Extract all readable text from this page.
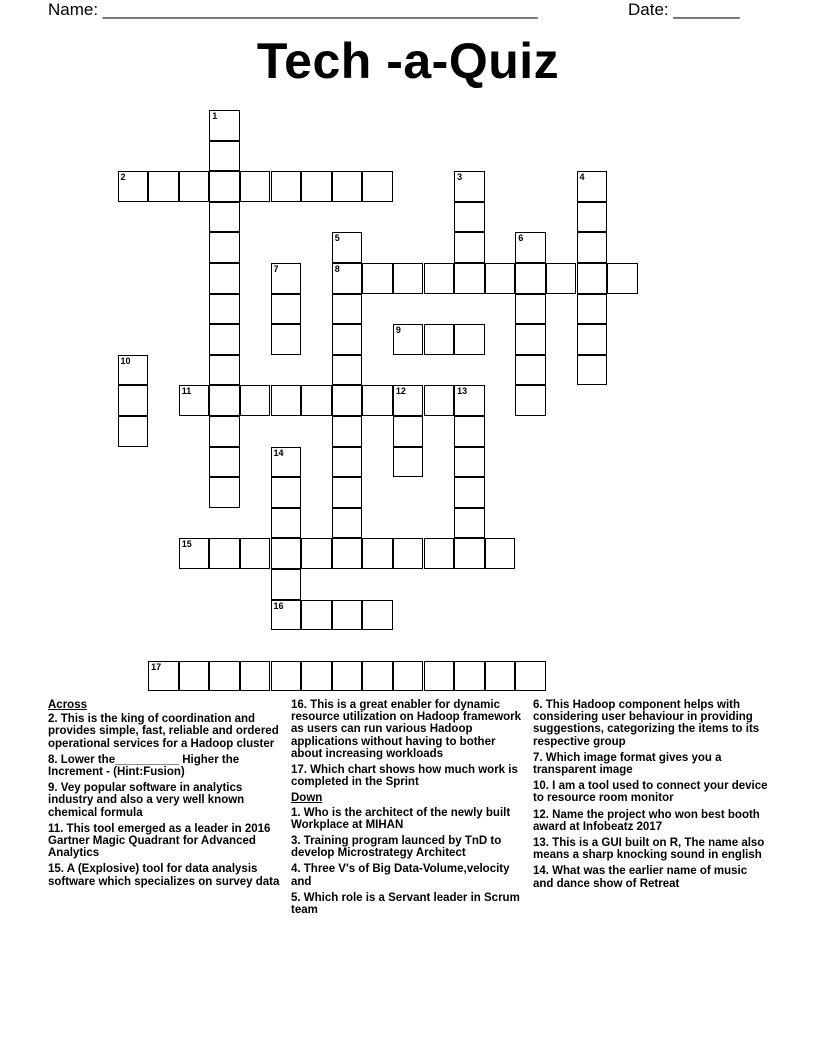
Name: ______________________________________________	Date: _______
Tech -a-Quiz
1
2	3	4
5
8
6
7
9
10
11	12	13
14
16
15
17
Across
2. This is the king of coordination and provides simple, fast, reliable and ordered operational services for a Hadoop cluster
8. Lower the__________ Higher the Increment - (Hint:Fusion)
9. Vey popular software in analytics industry and also a very well known chemical formula
11. This tool emerged as a leader in 2016 Gartner Magic Quadrant for Advanced Analytics
15. A (Explosive) tool for data analysis software which specializes on survey data
16. This is a great enabler for dynamic resource utilization on Hadoop framework as users can run various Hadoop applications without having to bother about increasing workloads
17. Which chart shows how much work is completed in the Sprint
Down
1. Who is the architect of the newly built Workplace at MIHAN
3. Training program launced by TnD to develop Microstrategy Architect
4. Three V's of Big Data-Volume,velocity and
5. Which role is a Servant leader in Scrum team
6. This Hadoop component helps with considering user behaviour in providing suggestions, categorizing the items to its respective group
7. Which image format gives you a transparent image
10. I am a tool used to connect your device to resource room monitor
12. Name the project who won best booth award at Infobeatz 2017
13. This is a GUI built on R, The name also means a sharp knocking sound in english
14. What was the earlier name of music and dance show of Retreat
